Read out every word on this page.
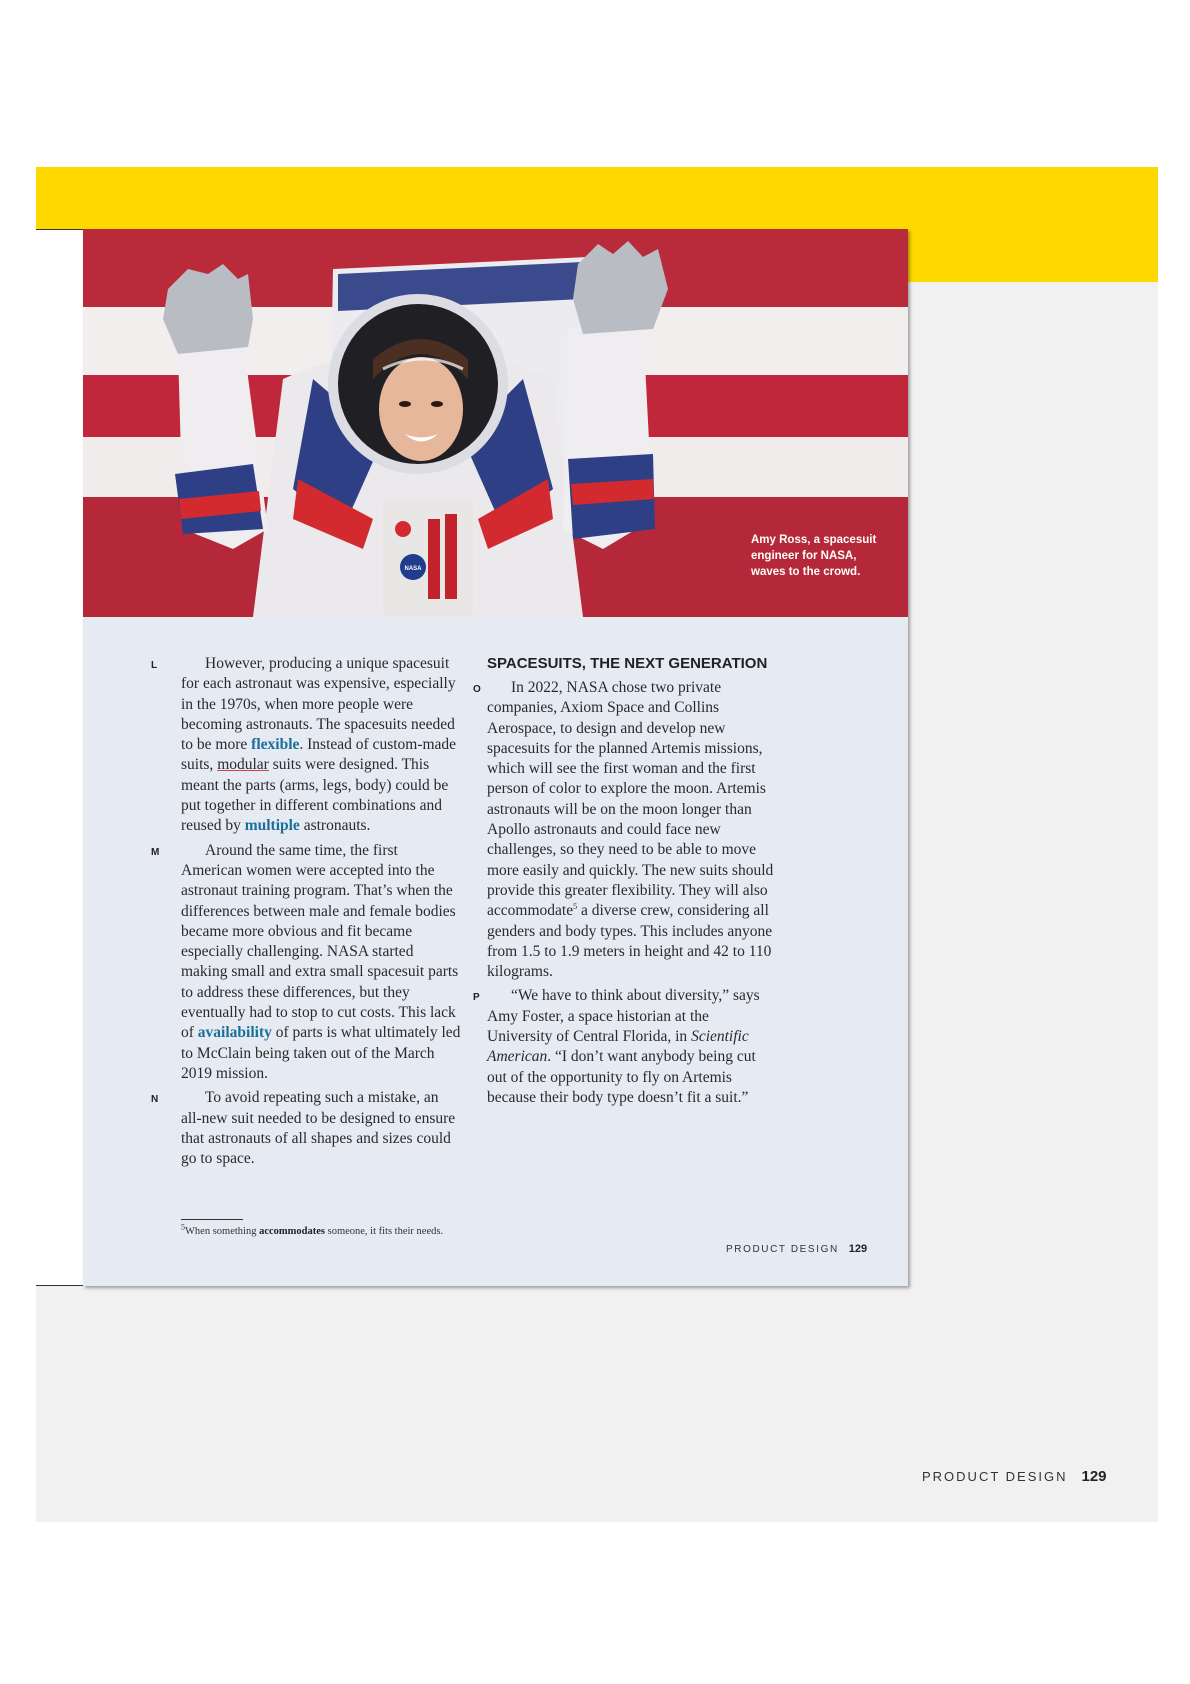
NASA
Amy Ross, a spacesuit engineer for NASA, waves to the crowd.

L	However, producing a unique spacesuit for each astronaut was expensive, especially in the 1970s, when more people were becoming astronauts. The spacesuits needed to be more flexible. Instead of custom-made suits, modular suits were designed. This meant the parts (arms, legs, body) could be put together in different combinations and reused by multiple astronauts.

M	Around the same time, the first American women were accepted into the astronaut training program. That’s when the differences between male and female bodies became more obvious and fit became especially challenging. NASA started making small and extra small spacesuit parts to address these differences, but they eventually had to stop to cut costs. This lack of availability of parts is what ultimately led to McClain being taken out of the March 2019 mission.

N	To avoid repeating such a mistake, an all-new suit needed to be designed to ensure that astronauts of all shapes and sizes could go to space.

SPACESUITS, THE NEXT GENERATION

O In 2022, NASA chose two private companies, Axiom Space and Collins Aerospace, to design and develop new spacesuits for the planned Artemis missions, which will see the first woman and the first person of color to explore the moon. Artemis astronauts will be on the moon longer than Apollo astronauts and could face new challenges, so they need to be able to move more easily and quickly. The new suits should provide this greater flexibility. They will also accommodate$^5$ a diverse crew, considering all genders and body types. This includes anyone from 1.5 to 1.9 meters in height and 42 to 110 kilograms.

P “We have to think about diversity,” says Amy Foster, a space historian at the University of Central Florida, in Scientific American. “I don’t want anybody being cut out of the opportunity to fly on Artemis because their body type doesn’t fit a suit.”

$^5$When something accommodates someone, it fits their needs.
PRODUCT DESIGN 129
PRODUCT DESIGN 129
